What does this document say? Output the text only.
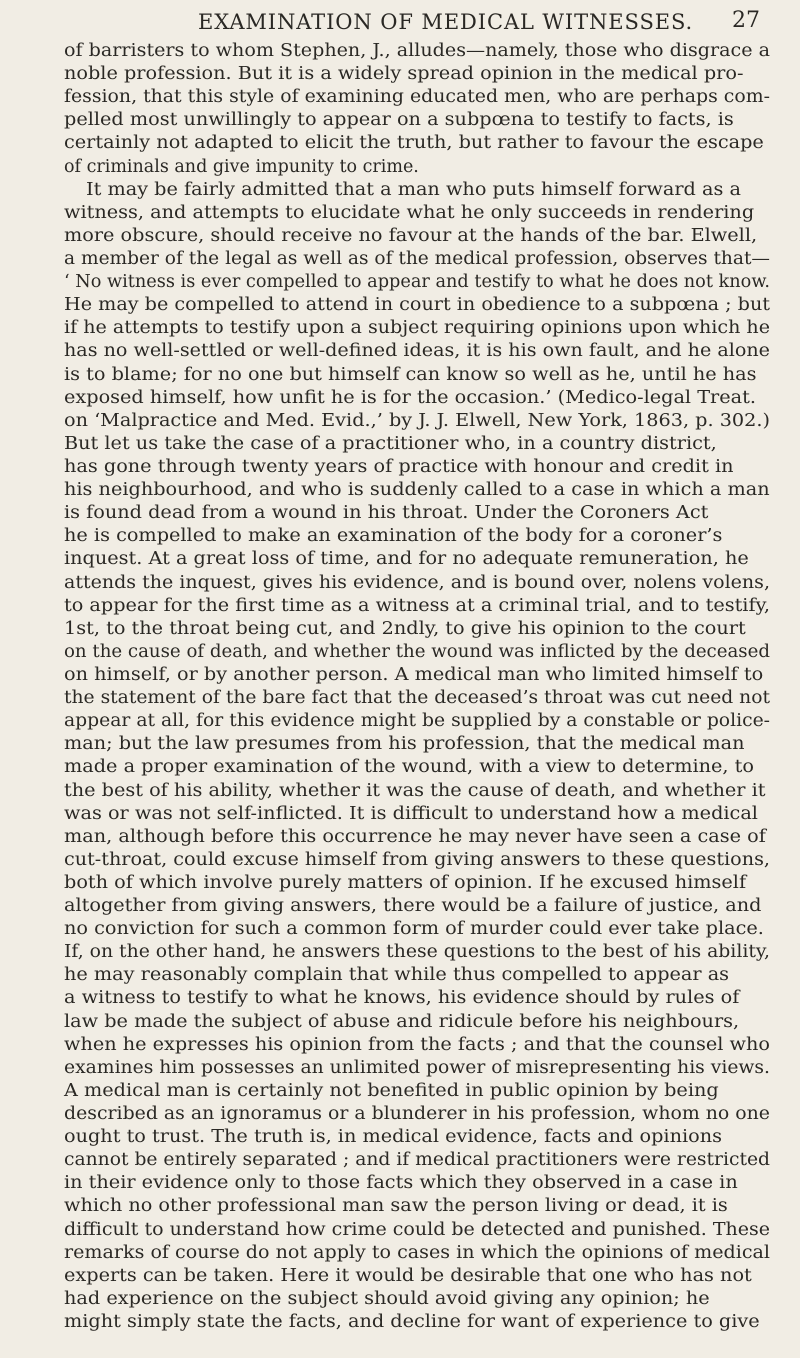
EXAMINATION OF MEDICAL WITNESSES. 27
of barristers to whom Stephen, J., alludes—namely, those who disgrace a
noble profession. But it is a widely spread opinion in the medical pro-
fession, that this style of examining educated men, who are perhaps com-
pelled most unwillingly to appear on a subpœna to testify to facts, is
certainly not adapted to elicit the truth, but rather to favour the escape
of criminals and give impunity to crime.
It may be fairly admitted that a man who puts himself forward as a
witness, and attempts to elucidate what he only succeeds in rendering
more obscure, should receive no favour at the hands of the bar. Elwell,
a member of the legal as well as of the medical profession, observes that—
‘ No witness is ever compelled to appear and testify to what he does not know.
He may be compelled to attend in court in obedience to a subpœna ; but
if he attempts to testify upon a subject requiring opinions upon which he
has no well-settled or well-defined ideas, it is his own fault, and he alone
is to blame; for no one but himself can know so well as he, until he has
exposed himself, how unfit he is for the occasion.’ (Medico-legal Treat.
on ‘Malpractice and Med. Evid.,’ by J. J. Elwell, New York, 1863, p. 302.)
But let us take the case of a practitioner who, in a country district,
has gone through twenty years of practice with honour and credit in
his neighbourhood, and who is suddenly called to a case in which a man
is found dead from a wound in his throat. Under the Coroners Act
he is compelled to make an examination of the body for a coroner’s
inquest. At a great loss of time, and for no adequate remuneration, he
attends the inquest, gives his evidence, and is bound over, nolens volens,
to appear for the first time as a witness at a criminal trial, and to testify,
1st, to the throat being cut, and 2ndly, to give his opinion to the court
on the cause of death, and whether the wound was inflicted by the deceased
on himself, or by another person. A medical man who limited himself to
the statement of the bare fact that the deceased’s throat was cut need not
appear at all, for this evidence might be supplied by a constable or police-
man; but the law presumes from his profession, that the medical man
made a proper examination of the wound, with a view to determine, to
the best of his ability, whether it was the cause of death, and whether it
was or was not self-inflicted. It is difficult to understand how a medical
man, although before this occurrence he may never have seen a case of
cut-throat, could excuse himself from giving answers to these questions,
both of which involve purely matters of opinion. If he excused himself
altogether from giving answers, there would be a failure of justice, and
no conviction for such a common form of murder could ever take place.
If, on the other hand, he answers these questions to the best of his ability,
he may reasonably complain that while thus compelled to appear as
a witness to testify to what he knows, his evidence should by rules of
law be made the subject of abuse and ridicule before his neighbours,
when he expresses his opinion from the facts ; and that the counsel who
examines him possesses an unlimited power of misrepresenting his views.
A medical man is certainly not benefited in public opinion by being
described as an ignoramus or a blunderer in his profession, whom no one
ought to trust. The truth is, in medical evidence, facts and opinions
cannot be entirely separated ; and if medical practitioners were restricted
in their evidence only to those facts which they observed in a case in
which no other professional man saw the person living or dead, it is
difficult to understand how crime could be detected and punished. These
remarks of course do not apply to cases in which the opinions of medical
experts can be taken. Here it would be desirable that one who has not
had experience on the subject should avoid giving any opinion; he
might simply state the facts, and decline for want of experience to give
